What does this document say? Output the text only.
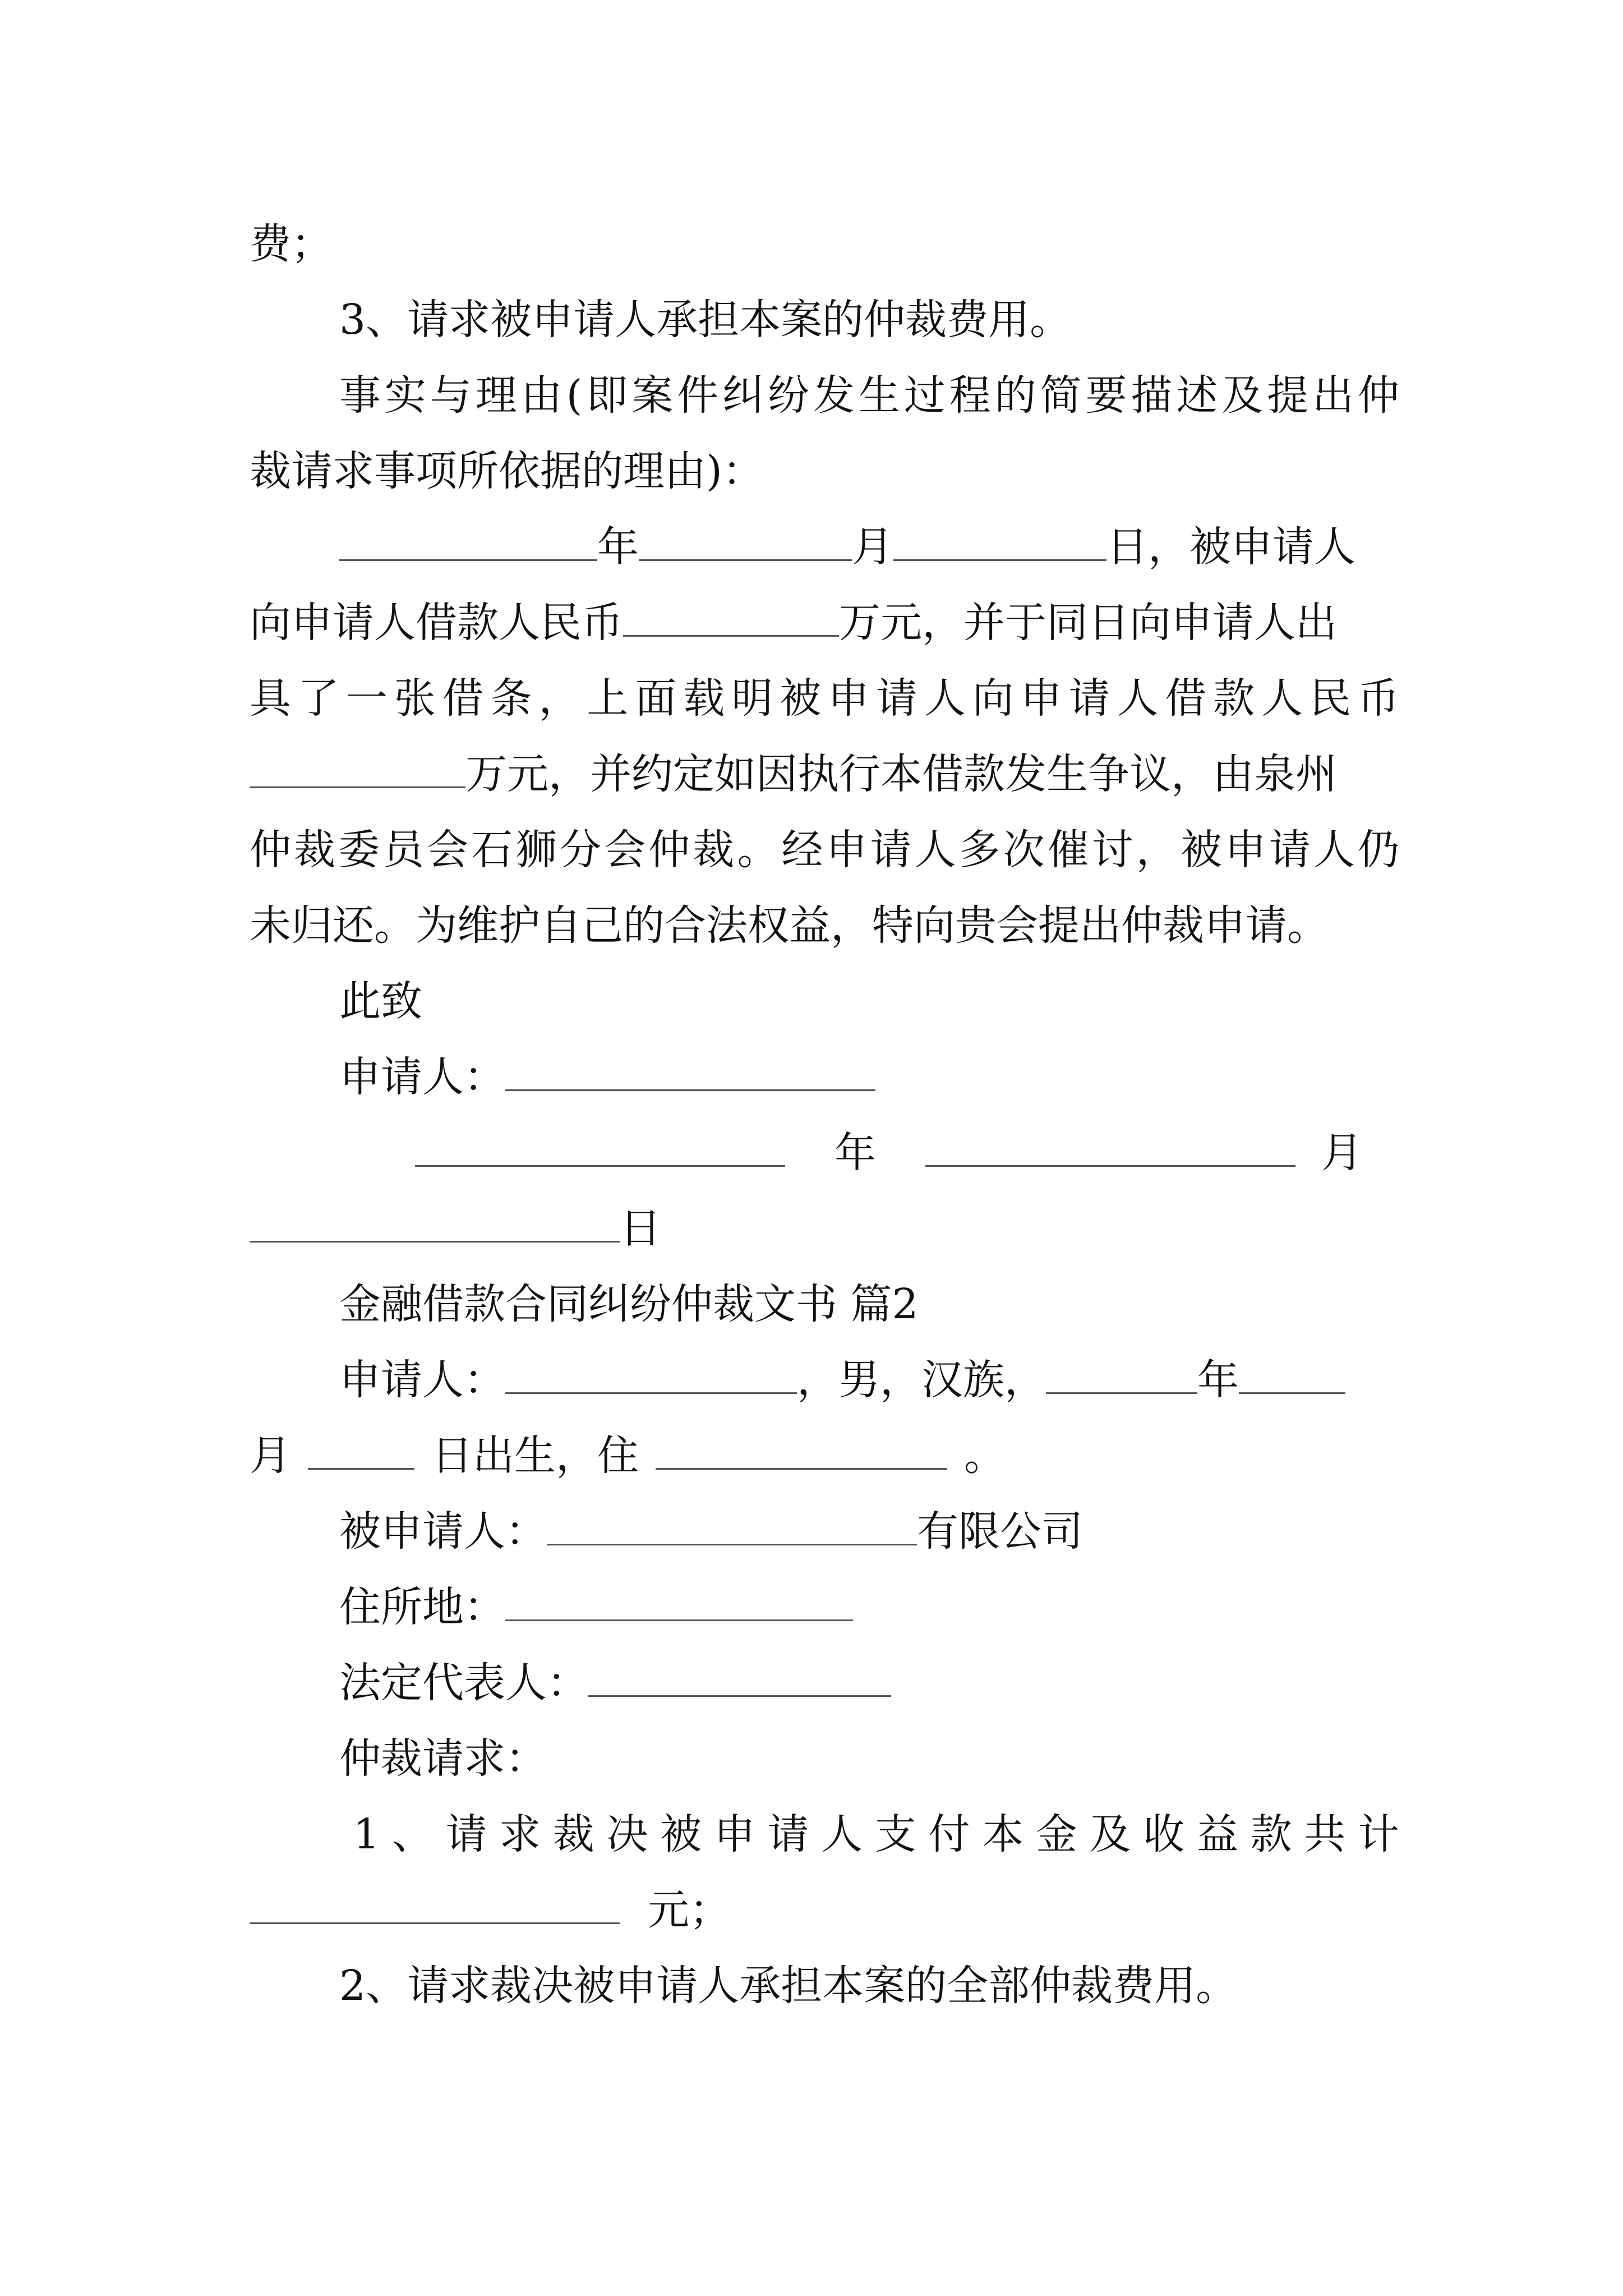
费；
3、请求被申请人承担本案的仲裁费用。
事实与理由(即案件纠纷发生过程的简要描述及提出仲
裁请求事项所依据的理由)：
年	月	日，被申请人
向申请人借款人民币	万元，并于同日向申请人出
具了一张借条，上面载明被申请人向申请人借款人民币
万元，并约定如因执行本借款发生争议，由泉州
仲裁委员会石狮分会仲裁。经申请人多次催讨，被申请人仍
未归还。为维护自己的合法权益，特向贵会提出仲裁申请。
此致
申请人：
年	月
日
金融借款合同纠纷仲裁文书 篇2
申请人：	，男，汉族，	年
月	日出生，住	。
被申请人：	有限公司
住所地：
法定代表人：
仲裁请求：
1、请求裁决被申请人支付本金及收益款共计
元；
2、请求裁决被申请人承担本案的全部仲裁费用。
